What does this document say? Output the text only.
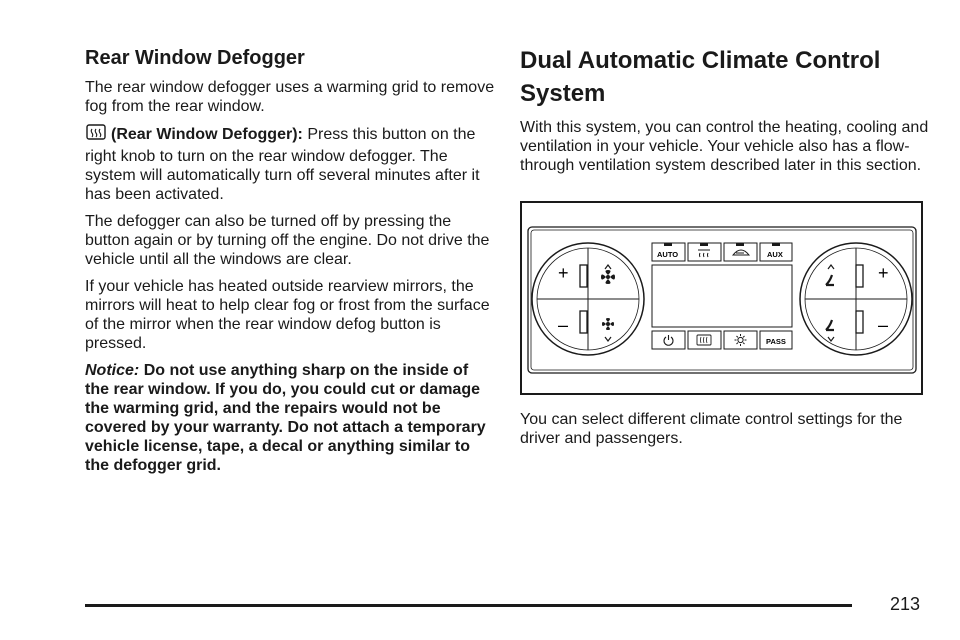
Rear Window Defogger

The rear window defogger uses a warming grid to remove fog from the rear window.

(Rear Window Defogger): Press this button on the right knob to turn on the rear window defogger. The system will automatically turn off several minutes after it has been activated.

The defogger can also be turned off by pressing the button again or by turning off the engine. Do not drive the vehicle until all the windows are clear.

If your vehicle has heated outside rearview mirrors, the mirrors will heat to help clear fog or frost from the surface of the mirror when the rear window defog button is pressed.

Notice: Do not use anything sharp on the inside of the rear window. If you do, you could cut or damage the warming grid, and the repairs would not be covered by your warranty. Do not attach a temporary vehicle license, tape, a decal or anything similar to the defogger grid.

Dual Automatic Climate Control
System

With this system, you can control the heating, cooling and ventilation in your vehicle. Your vehicle also has a flow-through ventilation system described later in this section.

+
–
+
–
AUTO	AUX
PASS

You can select different climate control settings for the driver and passengers.

213
